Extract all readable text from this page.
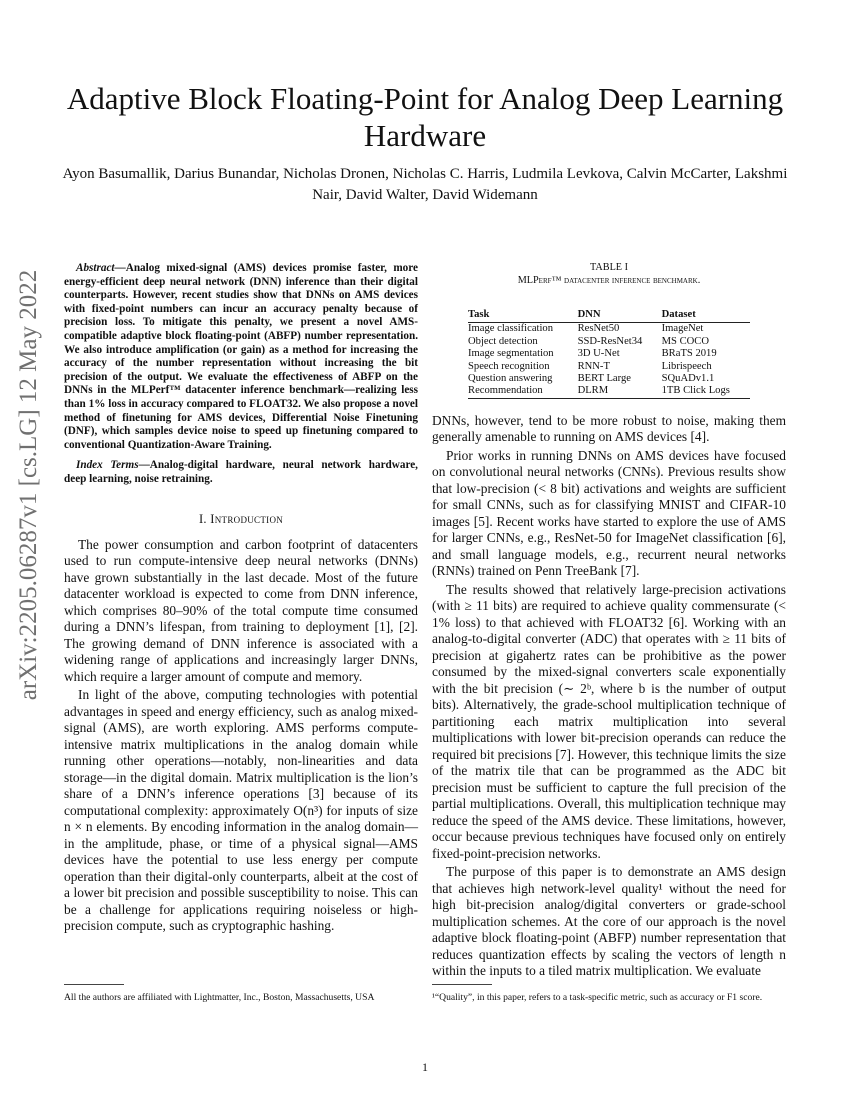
arXiv:2205.06287v1 [cs.LG] 12 May 2022
Adaptive Block Floating-Point for Analog Deep Learning Hardware
Ayon Basumallik, Darius Bunandar, Nicholas Dronen, Nicholas C. Harris, Ludmila Levkova, Calvin McCarter, Lakshmi Nair, David Walter, David Widemann

Abstract—Analog mixed-signal (AMS) devices promise faster, more energy-efficient deep neural network (DNN) inference than their digital counterparts. However, recent studies show that DNNs on AMS devices with fixed-point numbers can incur an accuracy penalty because of precision loss. To mitigate this penalty, we present a novel AMS-compatible adaptive block floating-point (ABFP) number representation. We also introduce amplification (or gain) as a method for increasing the accuracy of the number representation without increasing the bit precision of the output. We evaluate the effectiveness of ABFP on the DNNs in the MLPerf™ datacenter inference benchmark—realizing less than 1% loss in accuracy compared to FLOAT32. We also propose a novel method of finetuning for AMS devices, Differential Noise Finetuning (DNF), which samples device noise to speed up finetuning compared to conventional Quantization-Aware Training.

Index Terms—Analog-digital hardware, neural network hardware, deep learning, noise retraining.

I. Introduction

The power consumption and carbon footprint of datacenters used to run compute-intensive deep neural networks (DNNs) have grown substantially in the last decade. Most of the future datacenter workload is expected to come from DNN inference, which comprises 80–90% of the total compute time consumed during a DNN’s lifespan, from training to deployment [1], [2]. The growing demand of DNN inference is associated with a widening range of applications and increasingly larger DNNs, which require a larger amount of compute and memory.

In light of the above, computing technologies with potential advantages in speed and energy efficiency, such as analog mixed-signal (AMS), are worth exploring. AMS performs compute-intensive matrix multiplications in the analog domain while running other operations—notably, non-linearities and data storage—in the digital domain. Matrix multiplication is the lion’s share of a DNN’s inference operations [3] because of its computational complexity: approximately O(n³) for inputs of size n × n elements. By encoding information in the analog domain—in the amplitude, phase, or time of a physical signal—AMS devices have the potential to use less energy per compute operation than their digital-only counterparts, albeit at the cost of a lower bit precision and possible susceptibility to noise. This can be a challenge for applications requiring noiseless or high-precision compute, such as cryptographic hashing.

TABLE I
MLPerf™ datacenter inference benchmark.
Task	DNN	Dataset
Image classification	ResNet50	ImageNet
Object detection	SSD-ResNet34	MS COCO
Image segmentation	3D U-Net	BRaTS 2019
Speech recognition	RNN-T	Librispeech
Question answering	BERT Large	SQuADv1.1
Recommendation	DLRM	1TB Click Logs

DNNs, however, tend to be more robust to noise, making them generally amenable to running on AMS devices [4].

Prior works in running DNNs on AMS devices have focused on convolutional neural networks (CNNs). Previous results show that low-precision (< 8 bit) activations and weights are sufficient for small CNNs, such as for classifying MNIST and CIFAR-10 images [5]. Recent works have started to explore the use of AMS for larger CNNs, e.g., ResNet-50 for ImageNet classification [6], and small language models, e.g., recurrent neural networks (RNNs) trained on Penn TreeBank [7].

The results showed that relatively large-precision activations (with ≥ 11 bits) are required to achieve quality commensurate (< 1% loss) to that achieved with FLOAT32 [6]. Working with an analog-to-digital converter (ADC) that operates with ≥ 11 bits of precision at gigahertz rates can be prohibitive as the power consumed by the mixed-signal converters scale exponentially with the bit precision (∼ 2ᵇ, where b is the number of output bits). Alternatively, the grade-school multiplication technique of partitioning each matrix multiplication into several multiplications with lower bit-precision operands can reduce the required bit precisions [7]. However, this technique limits the size of the matrix tile that can be programmed as the ADC bit precision must be sufficient to capture the full precision of the partial multiplications. Overall, this multiplication technique may reduce the speed of the AMS device. These limitations, however, occur because previous techniques have focused only on entirely fixed-point-precision networks.

The purpose of this paper is to demonstrate an AMS design that achieves high network-level quality¹ without the need for high bit-precision analog/digital converters or grade-school multiplication schemes. At the core of our approach is the novel adaptive block floating-point (ABFP) number representation that reduces quantization effects by scaling the vectors of length n within the inputs to a tiled matrix multiplication. We evaluate

All the authors are affiliated with Lightmatter, Inc., Boston, Massachusetts, USA	¹“Quality”, in this paper, refers to a task-specific metric, such as accuracy or F1 score.
1
